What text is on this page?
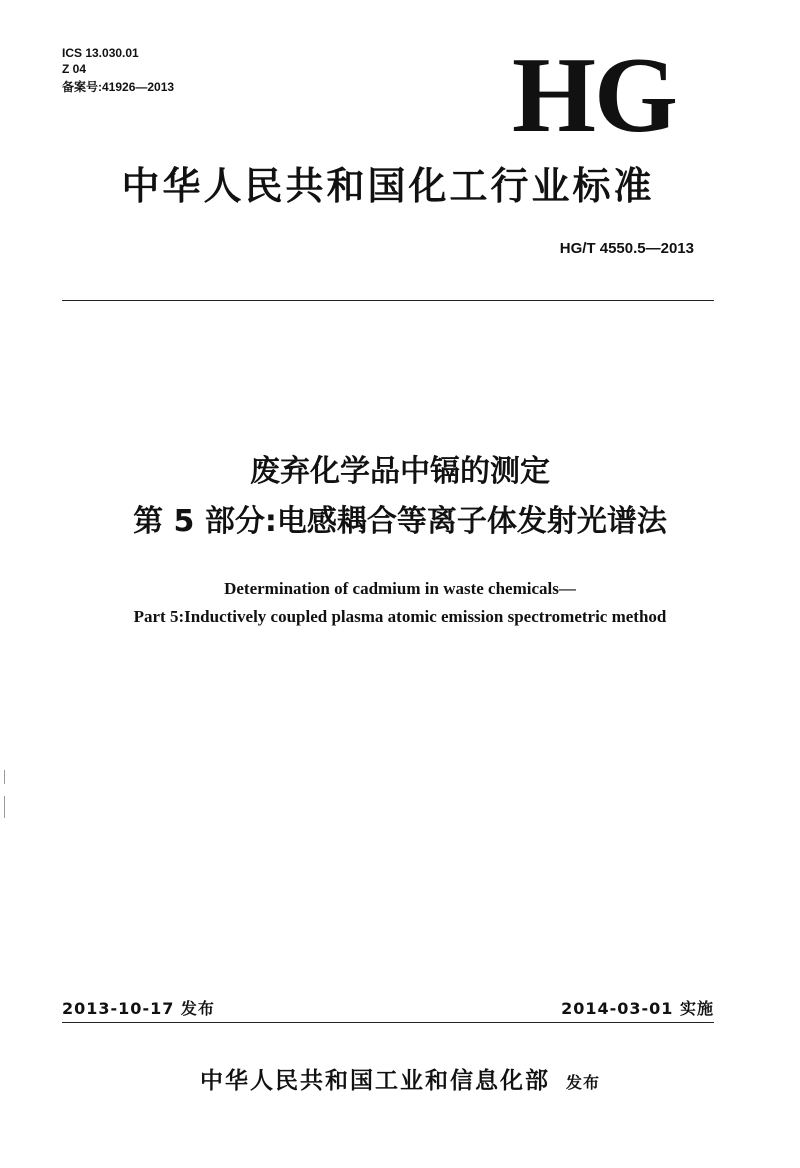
ICS 13.030.01
Z 04
备案号:41926—2013	HG
中华人民共和国化工行业标准
HG/T 4550.5—2013
废弃化学品中镉的测定
第 5 部分:电感耦合等离子体发射光谱法
Determination of cadmium in waste chemicals—
Part 5:Inductively coupled plasma atomic emission spectrometric method
2013-10-17 发布	2014-03-01 实施
中华人民共和国工业和信息化部 发布
